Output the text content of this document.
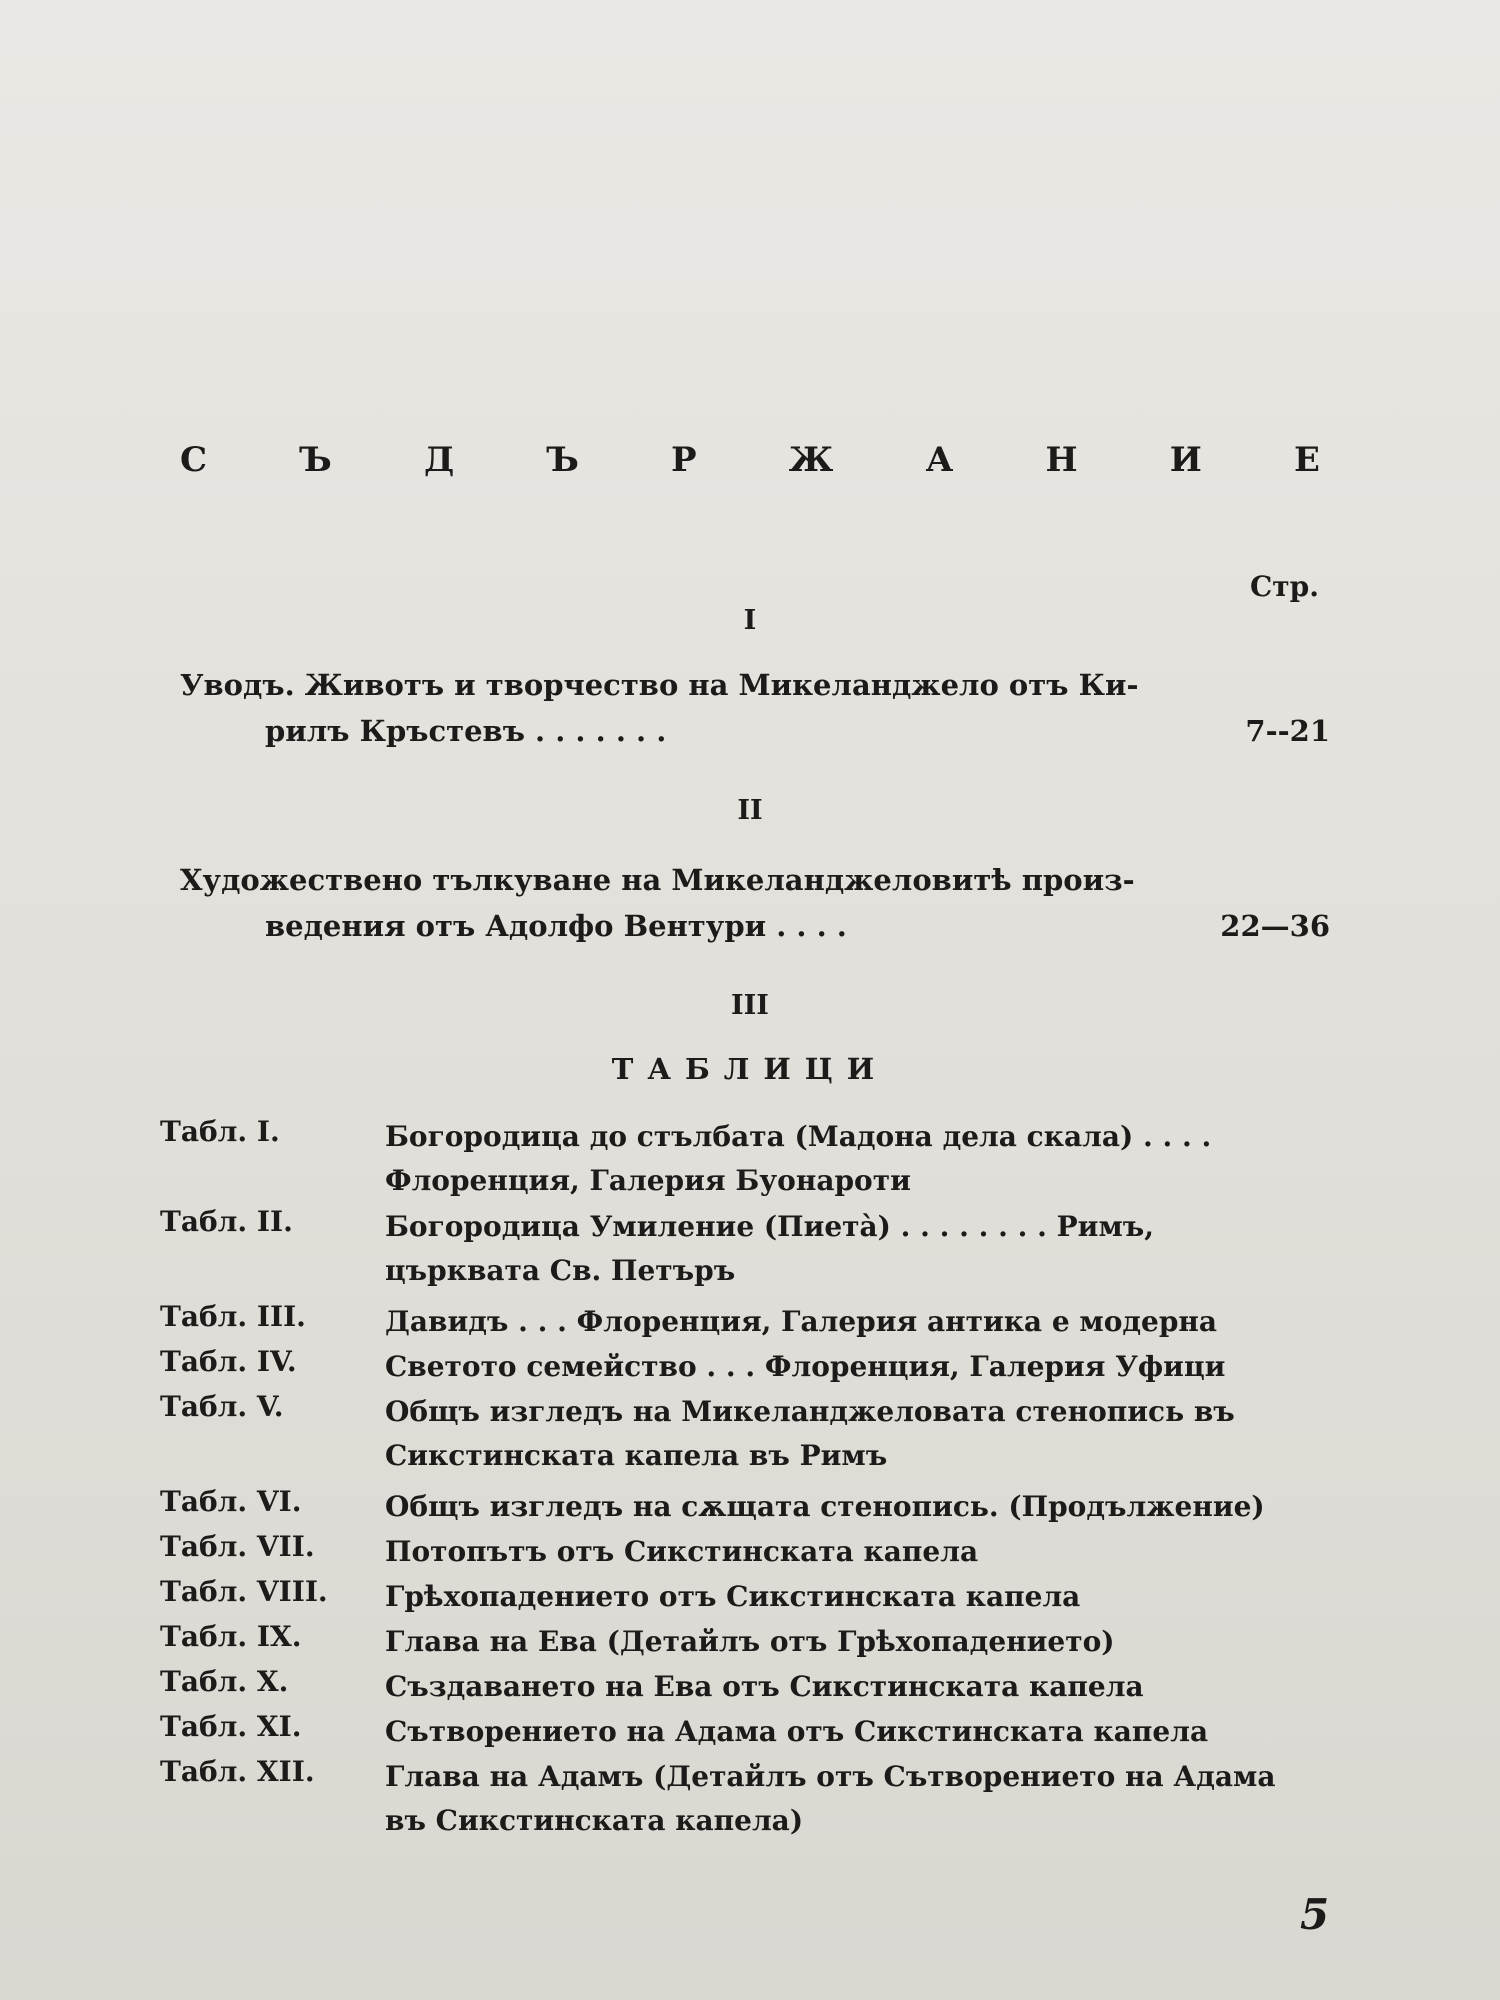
С	Ъ	Д	Ъ	Р	Ж	А	Н	И	Е
Стр.
I
Уводъ. Животъ и творчество на Микеланджело отъ Ки-
рилъ Кръстевъ . . . . . . .	7--21
II
Художествено тълкуване на Микеланджеловитѣ произ-
ведения отъ Адолфо Вентури . . . .	22—36
III
ТАБЛИЦИ
Табл. I.	Богородица до стълбата (Мадона дела скала) . . . .
Флоренция, Галерия Буонароти
Табл. II.	Богородица Умиление (Пиета̀) . . . . . . . . Римъ,
църквата Св. Петъръ
Табл. III.	Давидъ . . . Флоренция, Галерия антика е модерна
Табл. IV.	Светото семейство . . . Флоренция, Галерия Уфици
Табл. V.	Общъ изгледъ на Микеланджеловата стенопись въ
Сикстинската капела въ Римъ
Табл. VI.	Общъ изгледъ на сѫщата стенопись. (Продължение)
Табл. VII.	Потопътъ отъ Сикстинската капела
Табл. VIII. Грѣхопадението отъ Сикстинската капела
Табл. IX.	Глава на Ева (Детайлъ отъ Грѣхопадението)
Табл. X.	Създаването на Ева отъ Сикстинската капела
Табл. XI.	Сътворението на Адама отъ Сикстинската капела
Табл. XII.	Глава на Адамъ (Детайлъ отъ Сътворението на Адама
въ Сикстинската капела)
5
